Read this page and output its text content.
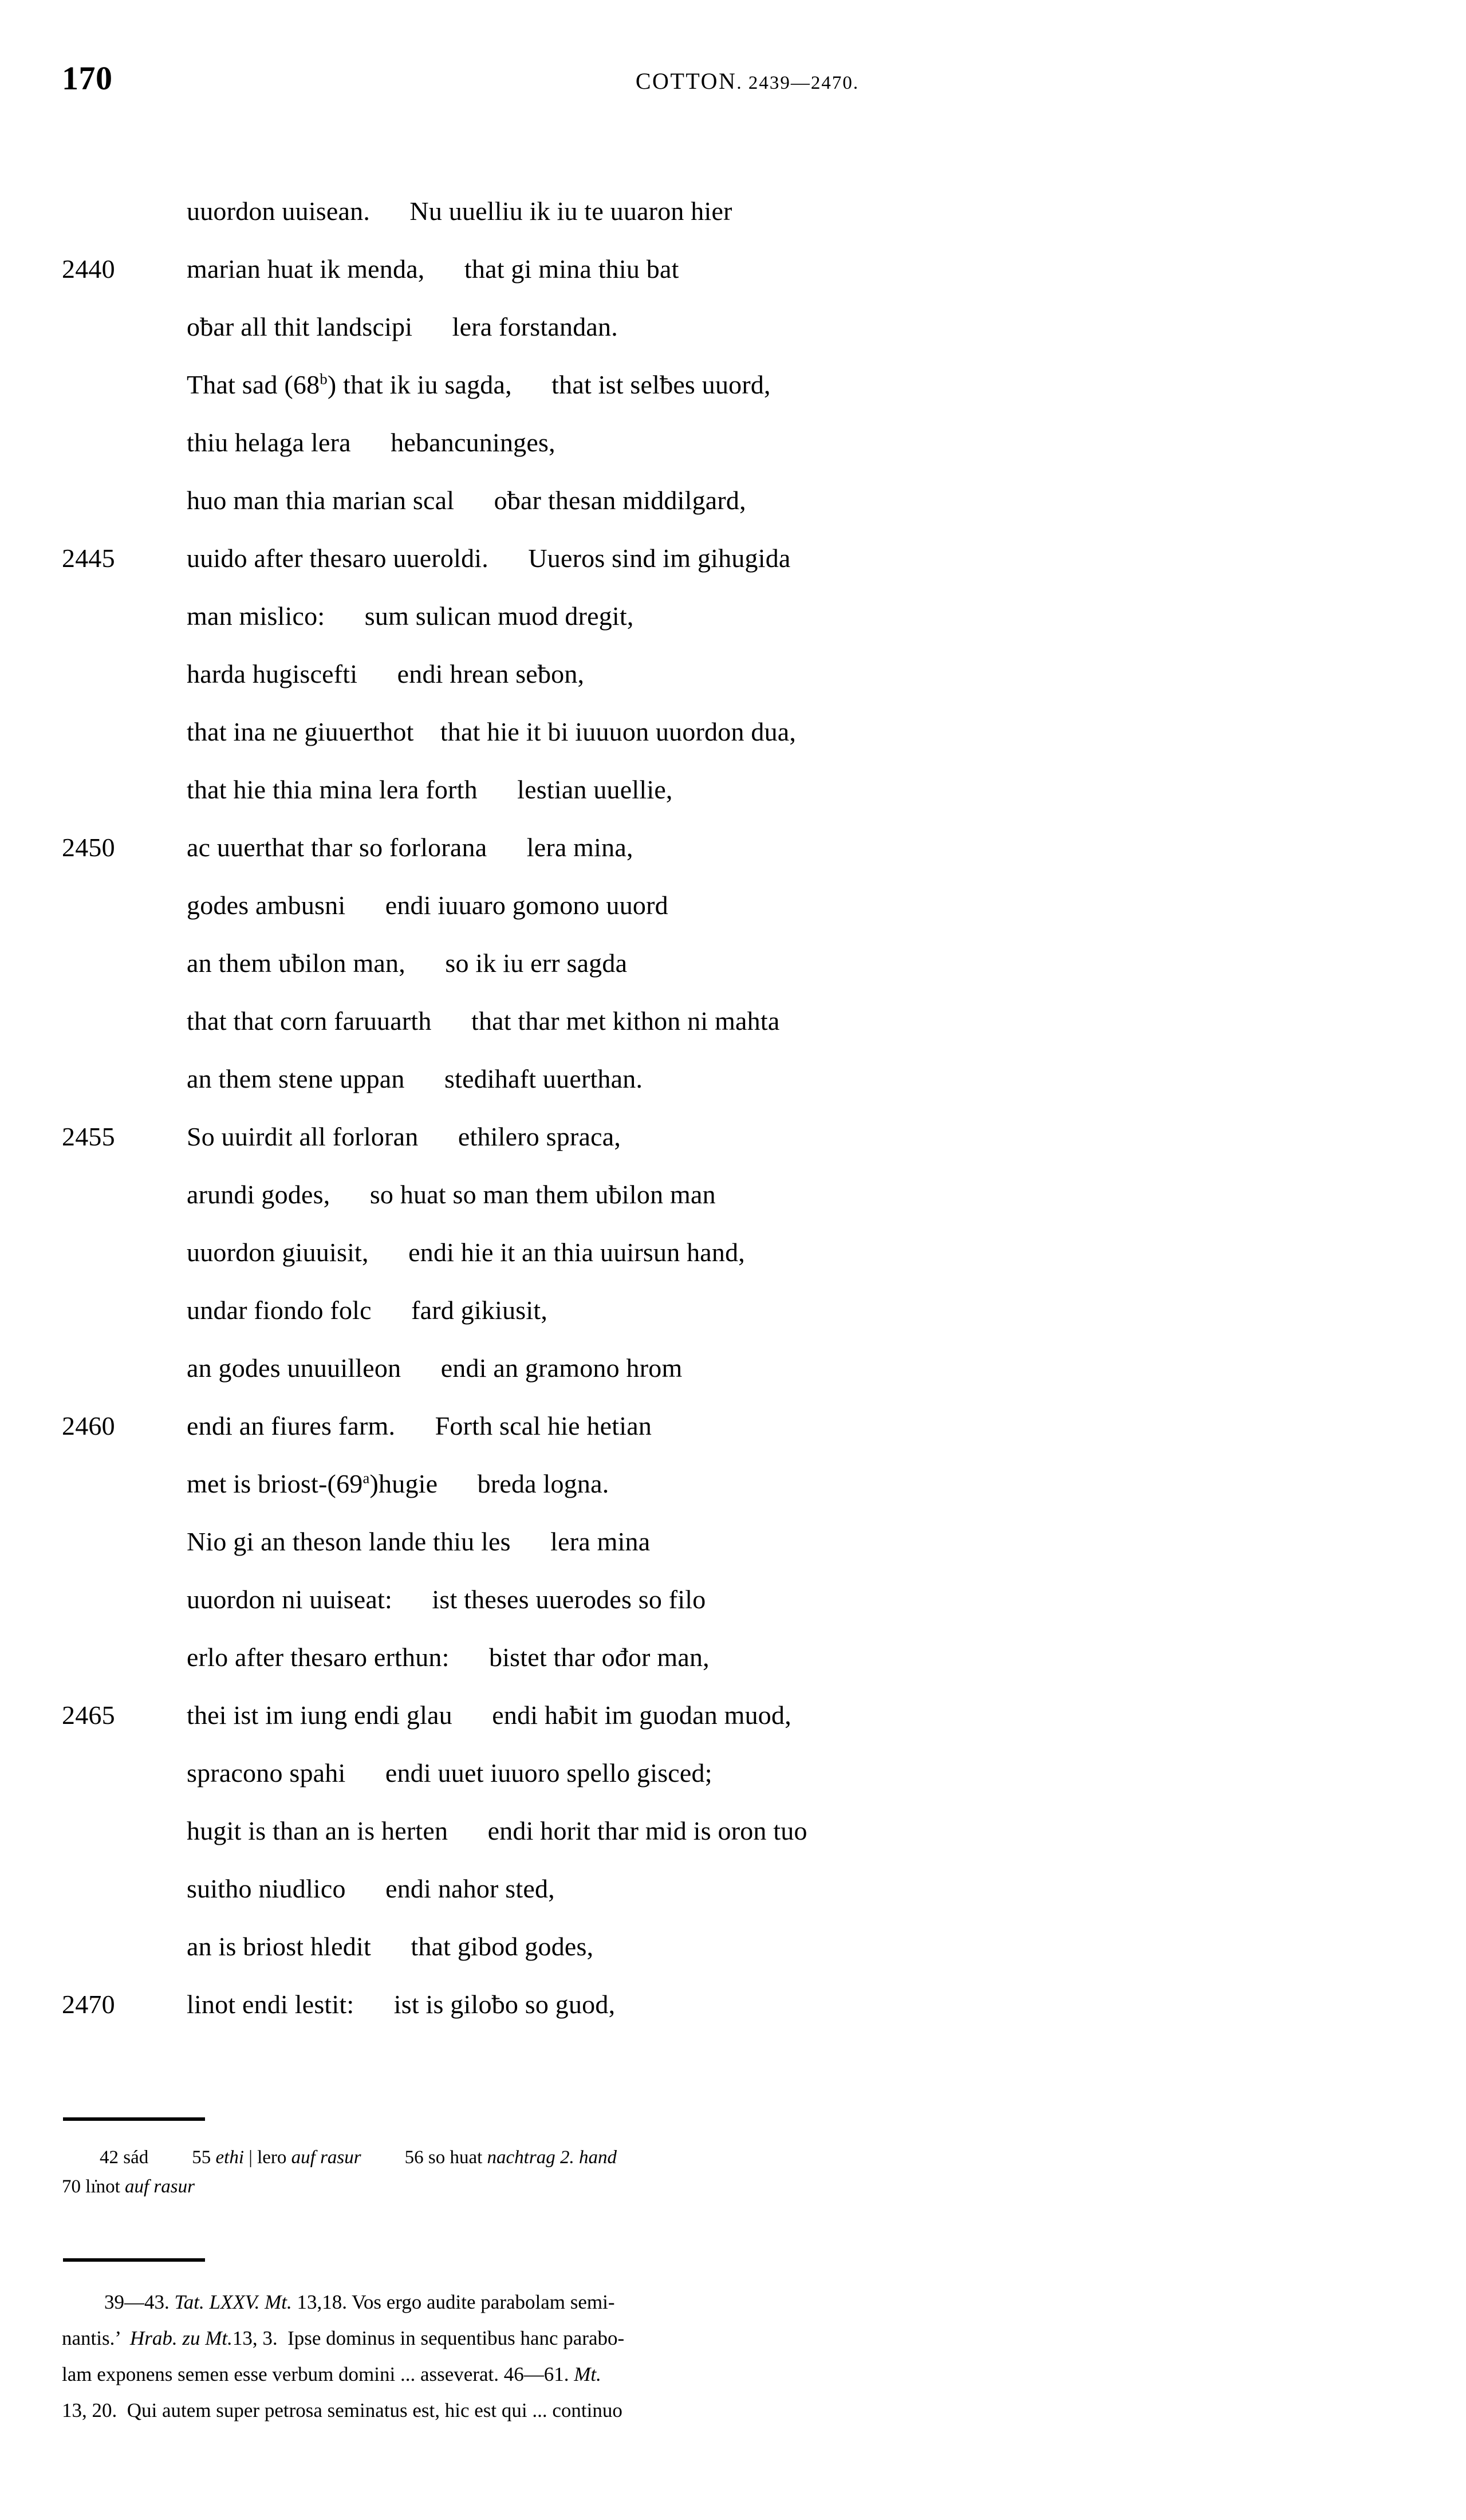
170	COTTON. 2439—2470.
uuordon uuisean.  Nu uuelliu ik iu te uuaron hier
2440	marian huat ik menda,  that gi mina thiu bat
oƀar all thit landscipi  lera forstandan.
That sad (68$^b$) that ik iu sagda,  that ist selƀes uuord,
thiu helaga lera  hebancuninges,
huo man thia marian scal  oƀar thesan middilgard,
2445	uuido after thesaro uueroldi.  Uueros sind im gihugida
man mislico:  sum sulican muod dregit,
harda hugiscefti  endi hrean seƀon,
that ina ne giuuerthot that hie it bi iuuuon uuordon dua,
that hie thia mina lera forth  lestian uuellie,
2450	ac uuerthat thar so forlorana  lera mina,
godes ambusni  endi iuuaro gomono uuord
an them uƀilon man,  so ik iu err sagda
that that corn faruuarth  that thar met kithon ni mahta
an them stene uppan  stedihaft uuerthan.
2455	So uuirdit all forloran  ethilero spraca,
arundi godes,  so huat so man them uƀilon man
uuordon giuuisit,  endi hie it an thia uuirsun hand,
undar fiondo folc  fard gikiusit,
an godes unuuilleon  endi an gramono hrom
2460	endi an fiures farm.  Forth scal hie hetian
met is briost-(69$^a$)hugie  breda logna.
Nio gi an theson lande thiu les  lera mina
uuordon ni uuiseat:  ist theses uuerodes so filo
erlo after thesaro erthun:  bistet thar ođor man,
2465	thei ist im iung endi glau  endi haƀit im guodan muod,
spracono spahi  endi uuet iuuoro spello gisced;
hugit is than an is herten  endi horit thar mid is oron tuo
suitho niudlico  endi nahor sted,
an is briost hledit  that gibod godes,
2470	linot endi lestit:  ist is giloƀo so guod,
42 sád 55 ethi | lero auf rasur 56 so huat nachtrag 2. hand
70 lı̇not auf rasur
39—43. Tat. LXXV. Mt. 13,18. Vos ergo audite parabolam semi-
nantis.’ Hrab. zu Mt.13, 3. Ipse dominus in sequentibus hanc parabo-
lam exponens semen esse verbum domini ... asseverat. 46—61. Mt.
13, 20. Qui autem super petrosa seminatus est, hic est qui ... continuo
